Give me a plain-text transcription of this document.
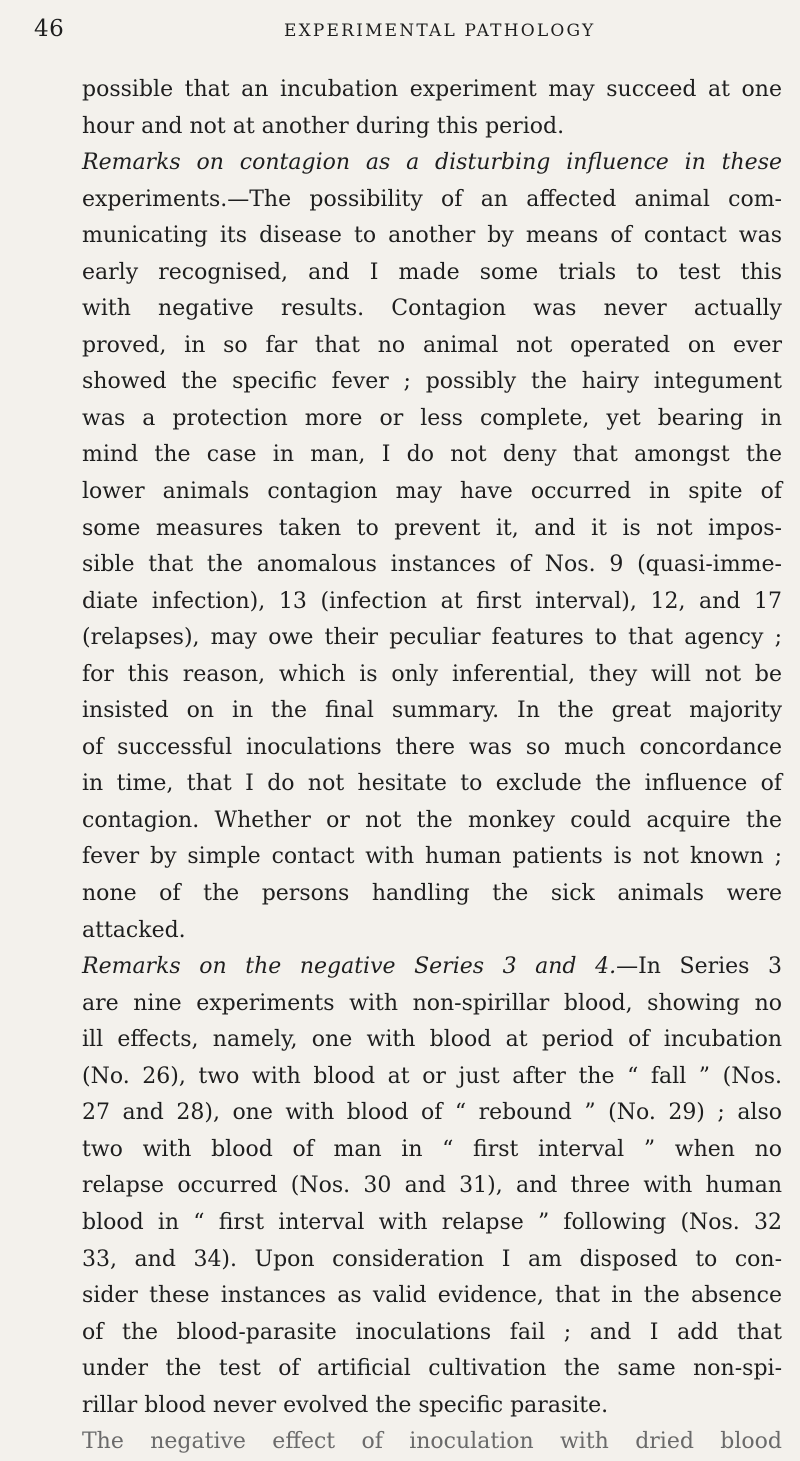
46	EXPERIMENTAL PATHOLOGY
possible that an incubation experiment may succeed at one
hour and not at another during this period.
Remarks on contagion as a disturbing influence in these
experiments.—The possibility of an affected animal com-
municating its disease to another by means of contact was
early recognised, and I made some trials to test this
with negative results. Contagion was never actually
proved, in so far that no animal not operated on ever
showed the specific fever ; possibly the hairy integument
was a protection more or less complete, yet bearing in
mind the case in man, I do not deny that amongst the
lower animals contagion may have occurred in spite of
some measures taken to prevent it, and it is not impos-
sible that the anomalous instances of Nos. 9 (quasi-imme-
diate infection), 13 (infection at first interval), 12, and 17
(relapses), may owe their peculiar features to that agency ;
for this reason, which is only inferential, they will not be
insisted on in the final summary. In the great majority
of successful inoculations there was so much concordance
in time, that I do not hesitate to exclude the influence of
contagion. Whether or not the monkey could acquire the
fever by simple contact with human patients is not known ;
none of the persons handling the sick animals were
attacked.
Remarks on the negative Series 3 and 4.—In Series 3
are nine experiments with non-spirillar blood, showing no
ill effects, namely, one with blood at period of incubation
(No. 26), two with blood at or just after the “ fall ” (Nos.
27 and 28), one with blood of “ rebound ” (No. 29) ; also
two with blood of man in “ first interval ” when no
relapse occurred (Nos. 30 and 31), and three with human
blood in “ first interval with relapse ” following (Nos. 32
33, and 34). Upon consideration I am disposed to con-
sider these instances as valid evidence, that in the absence
of the blood-parasite inoculations fail ; and I add that
under the test of artificial cultivation the same non-spi-
rillar blood never evolved the specific parasite.
The negative effect of inoculation with dried blood
